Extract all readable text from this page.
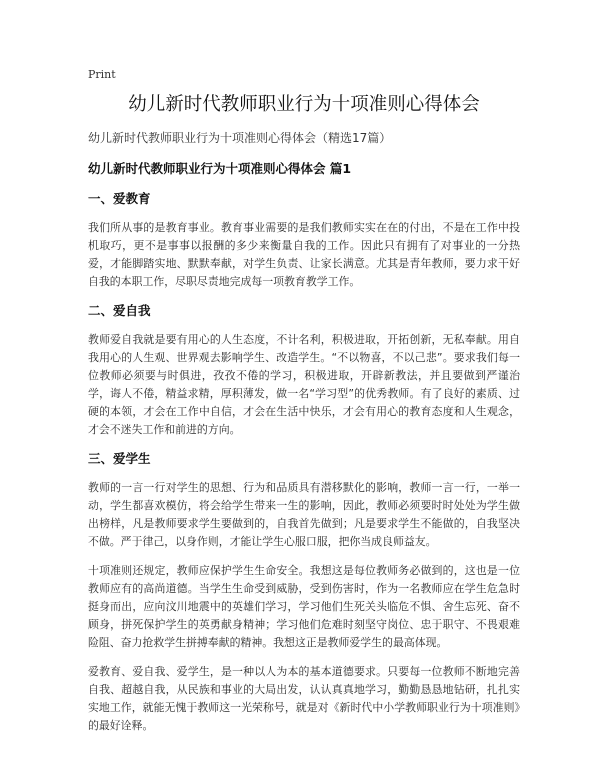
Print
幼儿新时代教师职业行为十项准则心得体会
幼儿新时代教师职业行为十项准则心得体会（精选17篇）
幼儿新时代教师职业行为十项准则心得体会 篇1
一、爱教育

我们所从事的是教育事业。教育事业需要的是我们教师实实在在的付出，不是在工作中投机取巧，更不是事事以报酬的多少来衡量自我的工作。因此只有拥有了对事业的一分热爱，才能脚踏实地、默默奉献，对学生负责、让家长满意。尤其是青年教师，要力求干好自我的本职工作，尽职尽责地完成每一项教育教学工作。

二、爱自我

教师爱自我就是要有用心的人生态度，不计名利，积极进取，开拓创新，无私奉献。用自我用心的人生观、世界观去影响学生、改造学生。“不以物喜，不以己悲”。要求我们每一位教师必须要与时俱进，孜孜不倦的学习，积极进取，开辟新教法，并且要做到严谨治学，诲人不倦，精益求精，厚积薄发，做一名“学习型”的优秀教师。有了良好的素质、过硬的本领，才会在工作中自信，才会在生活中快乐，才会有用心的教育态度和人生观念，才会不迷失工作和前进的方向。

三、爱学生

教师的一言一行对学生的思想、行为和品质具有潜移默化的影响，教师一言一行，一举一动，学生都喜欢模仿，将会给学生带来一生的影响，因此，教师必须要时时处处为学生做出榜样，凡是教师要求学生要做到的，自我首先做到；凡是要求学生不能做的，自我坚决不做。严于律己，以身作则，才能让学生心服口服，把你当成良师益友。

十项准则还规定，教师应保护学生生命安全。我想这是每位教师务必做到的，这也是一位教师应有的高尚道德。当学生生命受到威胁，受到伤害时，作为一名教师应在学生危急时挺身而出，应向汶川地震中的英雄们学习，学习他们生死关头临危不惧、舍生忘死、奋不顾身，拼死保护学生的英勇献身精神；学习他们危难时刻坚守岗位、忠于职守、不畏艰难险阻、奋力抢救学生拼搏奉献的精神。我想这正是教师爱学生的最高体现。

爱教育、爱自我、爱学生，是一种以人为本的基本道德要求。只要每一位教师不断地完善自我、超越自我，从民族和事业的大局出发，认认真真地学习，勤勤恳恳地钻研，扎扎实实地工作，就能无愧于教师这一光荣称号，就是对《新时代中小学教师职业行为十项准则》的最好诠释。
